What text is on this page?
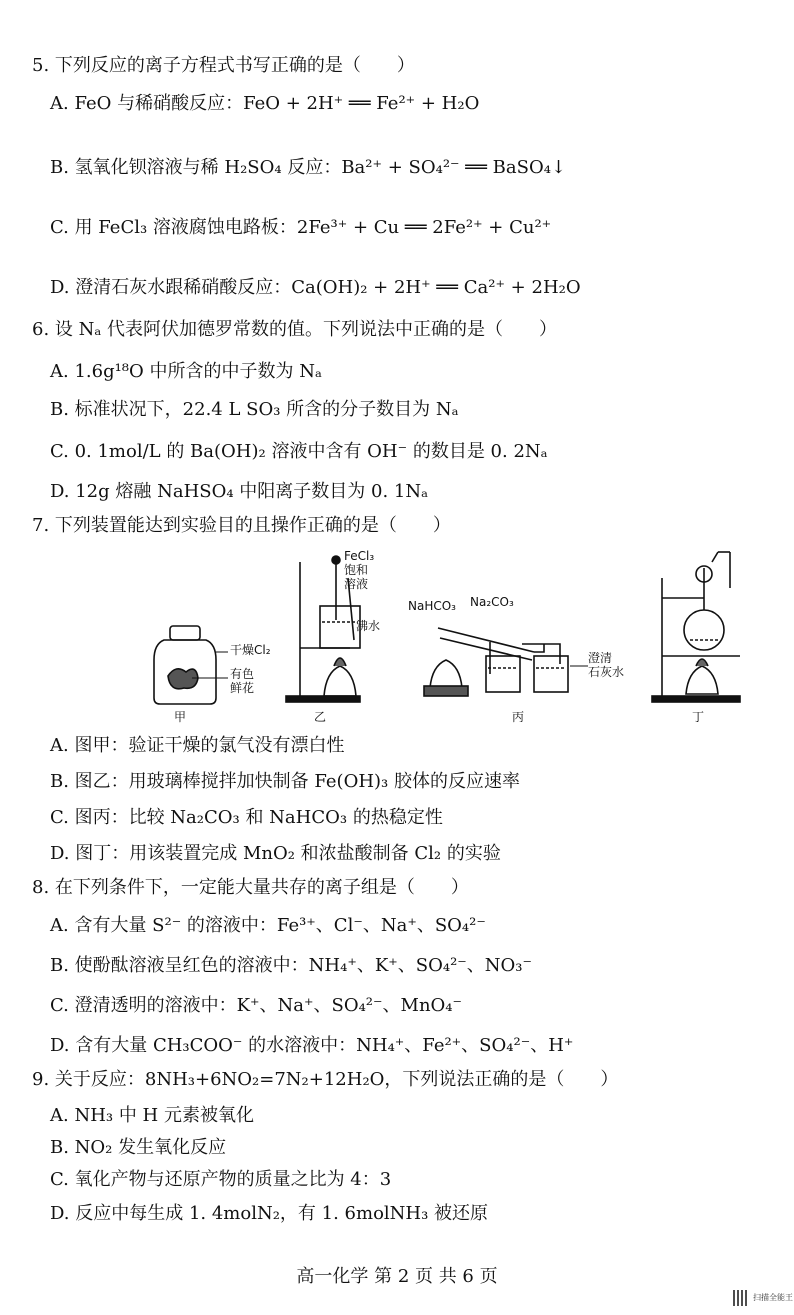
5. 下列反应的离子方程式书写正确的是（　　）
A. FeO 与稀硝酸反应：FeO + 2H⁺ ══ Fe²⁺ + H₂O
B. 氢氧化钡溶液与稀 H₂SO₄ 反应：Ba²⁺ + SO₄²⁻ ══ BaSO₄↓
C. 用 FeCl₃ 溶液腐蚀电路板：2Fe³⁺ + Cu ══ 2Fe²⁺ + Cu²⁺
D. 澄清石灰水跟稀硝酸反应：Ca(OH)₂ + 2H⁺ ══ Ca²⁺ + 2H₂O
6. 设 Nₐ 代表阿伏加德罗常数的值。下列说法中正确的是（　　）
A. 1.6g¹⁸O 中所含的中子数为 Nₐ
B. 标准状况下，22.4 L SO₃ 所含的分子数目为 Nₐ
C. 0. 1mol/L 的 Ba(OH)₂ 溶液中含有 OH⁻ 的数目是 0. 2Nₐ
D. 12g 熔融 NaHSO₄ 中阳离子数目为 0. 1Nₐ
7. 下列装置能达到实验目的且操作正确的是（　　）
干燥Cl₂
有色
鲜花
FeCl₃
饱和
溶液
沸水
NaHCO₃ Na₂CO₃
澄清
石灰水
甲	乙	丙	丁
A. 图甲：验证干燥的氯气没有漂白性
B. 图乙：用玻璃棒搅拌加快制备 Fe(OH)₃ 胶体的反应速率
C. 图丙：比较 Na₂CO₃ 和 NaHCO₃ 的热稳定性
D. 图丁：用该装置完成 MnO₂ 和浓盐酸制备 Cl₂ 的实验
8. 在下列条件下，一定能大量共存的离子组是（　　）
A. 含有大量 S²⁻ 的溶液中：Fe³⁺、Cl⁻、Na⁺、SO₄²⁻
B. 使酚酞溶液呈红色的溶液中：NH₄⁺、K⁺、SO₄²⁻、NO₃⁻
C. 澄清透明的溶液中：K⁺、Na⁺、SO₄²⁻、MnO₄⁻
D. 含有大量 CH₃COO⁻ 的水溶液中：NH₄⁺、Fe²⁺、SO₄²⁻、H⁺
9. 关于反应：8NH₃+6NO₂=7N₂+12H₂O，下列说法正确的是（　　）
A. NH₃ 中 H 元素被氧化
B. NO₂ 发生氧化反应
C. 氧化产物与还原产物的质量之比为 4：3
D. 反应中每生成 1. 4molN₂，有 1. 6molNH₃ 被还原
高一化学 第 2 页 共 6 页
扫描全能王
